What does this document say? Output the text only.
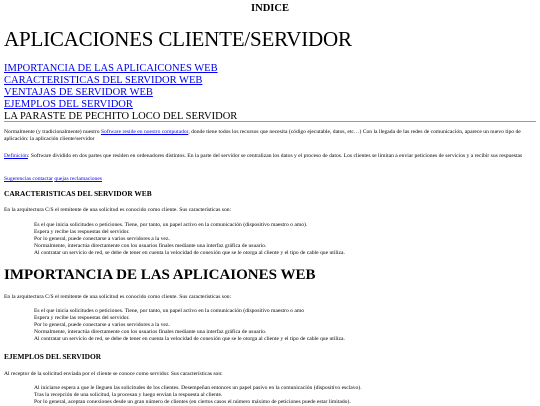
INDICE
APLICACIONES CLIENTE/SERVIDOR
IMPORTANCIA DE LAS APLICAICONES WEB
CARACTERISTICAS DEL SERVIDOR WEB
VENTAJAS DE SERVIDOR WEB
EJEMPLOS DEL SERVIDOR
LA PARASTE DE PECHITO LOCO DEL SERVIDOR
Normalmente (y tradicionalmente) nuestro Software reside en nuestro computador, donde tiene todos los recursos que necesita (código ejecutable, datos, etc…) Con la llegada de las redes de comunicación, aparece un nuevo tipo de aplicación: la aplicación cliente/servidor
Definición: Software dividido en dos partes que residen en ordenadores distintos. En la parte del servidor se centralizan los datos y el proceso de datos. Los clientes se limitan a enviar peticiones de servicios y a recibir sus respuestas
Sugerencias contactar quejas reclamaciones
CARACTERISTICAS DEL SERVIDOR WEB
En la arquitectura C/S el remitente de una solicitud es conocido como cliente. Sus características son:
Es el que inicia solicitudes o peticiones. Tiene, por tanto, un papel activo en la comunicación (dispositivo maestro o amo).
Espera y recibe las respuestas del servidor.
Por lo general, puede conectarse a varios servidores a la vez.
Normalmente, interactúa directamente con los usuarios finales mediante una interfaz gráfica de usuario.
Al contratar un servicio de red, se debe de tener en cuenta la velocidad de conexión que se le otorga al cliente y el tipo de cable que utiliza.
IMPORTANCIA DE LAS APLICAIONES WEB
En la arquitectura C/S el remitente de una solicitud es conocido como cliente. Sus características son:
Es el que inicia solicitudes o peticiones. Tiene, por tanto, un papel activo en la comunicación (dispositivo maestro o amo
Espera y recibe las respuestas del servidor.
Por lo general, puede conectarse a varios servidores a la vez.
Normalmente, interactúa directamente con los usuarios finales mediante una interfaz gráfica de usuario.
Al contratar un servicio de red, se debe de tener en cuenta la velocidad de conexión que se le otorga al cliente y el tipo de cable que utiliza.
EJEMPLOS DEL SERVIDOR
Al receptor de la solicitud enviada por el cliente se conoce como servidor. Sus características son:
Al iniciarse espera a que le lleguen las solicitudes de los clientes. Desempeñan entonces un papel pasivo en la comunicación (dispositivo esclavo).
Tras la recepción de una solicitud, la procesan y luego envían la respuesta al cliente.
Por lo general, aceptan conexiones desde un gran número de clientes (en ciertos casos el número máximo de peticiones puede estar limitado).
